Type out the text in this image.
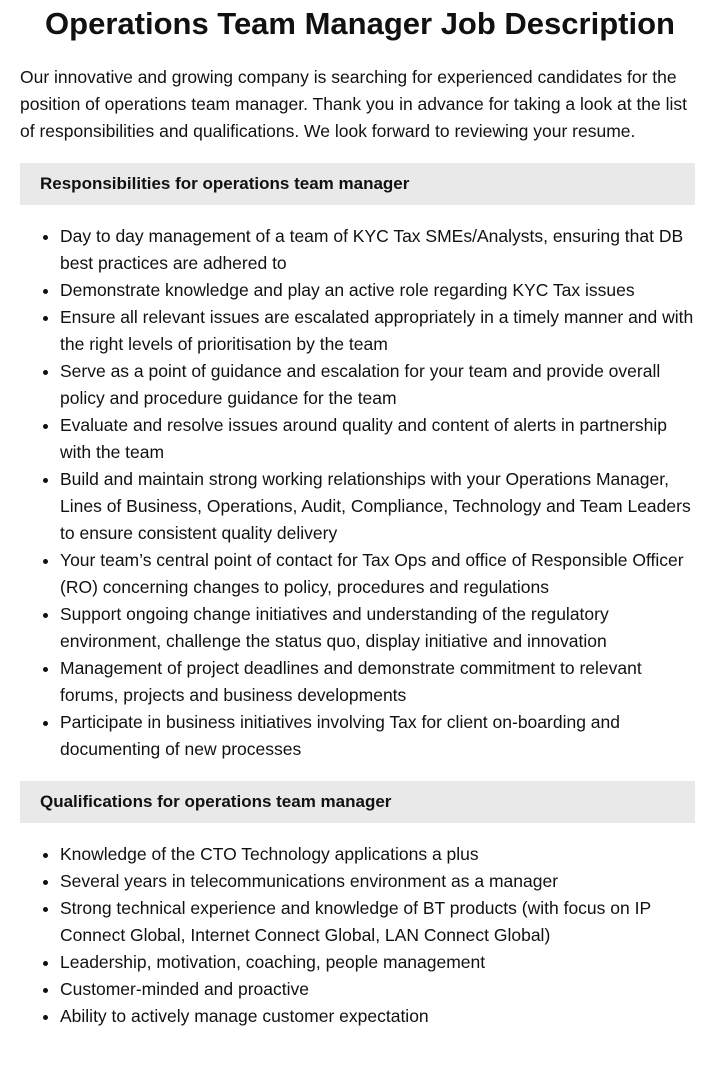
Operations Team Manager Job Description

Our innovative and growing company is searching for experienced candidates for the position of operations team manager. Thank you in advance for taking a look at the list of responsibilities and qualifications. We look forward to reviewing your resume.

Responsibilities for operations team manager
• Day to day management of a team of KYC Tax SMEs/Analysts, ensuring that DB best practices are adhered to
• Demonstrate knowledge and play an active role regarding KYC Tax issues
• Ensure all relevant issues are escalated appropriately in a timely manner and with the right levels of prioritisation by the team
• Serve as a point of guidance and escalation for your team and provide overall policy and procedure guidance for the team
• Evaluate and resolve issues around quality and content of alerts in partnership with the team
• Build and maintain strong working relationships with your Operations Manager, Lines of Business, Operations, Audit, Compliance, Technology and Team Leaders to ensure consistent quality delivery
• Your team’s central point of contact for Tax Ops and office of Responsible Officer (RO) concerning changes to policy, procedures and regulations
• Support ongoing change initiatives and understanding of the regulatory environment, challenge the status quo, display initiative and innovation
• Management of project deadlines and demonstrate commitment to relevant forums, projects and business developments
• Participate in business initiatives involving Tax for client on-boarding and documenting of new processes
Qualifications for operations team manager
• Knowledge of the CTO Technology applications a plus
• Several years in telecommunications environment as a manager
• Strong technical experience and knowledge of BT products (with focus on IP Connect Global, Internet Connect Global, LAN Connect Global)
• Leadership, motivation, coaching, people management
• Customer-minded and proactive
• Ability to actively manage customer expectation
